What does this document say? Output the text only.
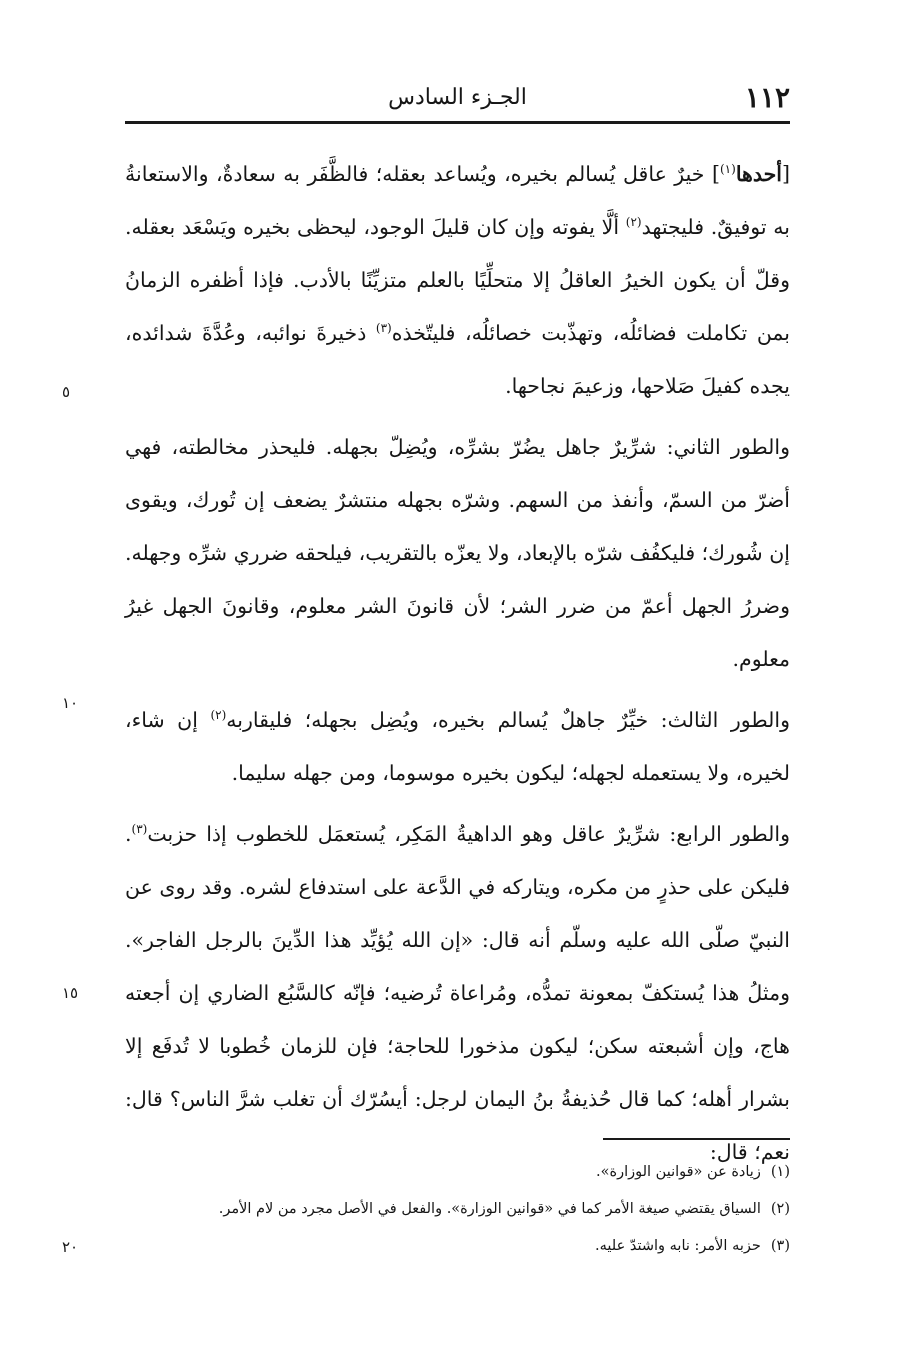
١١٢
الجـزء السادس

[أحدها$^{(١)}$] خيرٌ عاقل يُسالم بخيره، ويُساعد بعقله؛ فالظَّفَر به سعادةٌ، والاستعانةُ به توفيقٌ. فليجتهد$^{(٢)}$ ألَّا يفوته وإن كان قليلَ الوجود، ليحظى بخيره ويَسْعَد بعقله. وقلّ أن يكون الخيرُ العاقلُ إلا متحلِّيًا بالعلم متزيِّنًا بالأدب. فإذا أظفره الزمانُ بمن تكاملت فضائلُه، وتهذّبت خصائلُه، فليتّخذه$^{(٣)}$ ذخيرةَ نوائبه، وعُدَّةَ شدائده، يجده كفيلَ صَلاحها، وزعيمَ نجاحها.

والطور الثاني: شرِّيرٌ جاهل يضُرّ بشرِّه، ويُضِلّ بجهله. فليحذر مخالطته، فهي أضرّ من السمّ، وأنفذ من السهم. وشرّه بجهله منتشرٌ يضعف إن تُورك، ويقوى إن شُورك؛ فليكفُف شرّه بالإبعاد، ولا يعزّه بالتقريب، فيلحقه ضرري شرِّه وجهله. وضررُ الجهل أعمّ من ضرر الشر؛ لأن قانونَ الشر معلوم، وقانونَ الجهل غيرُ معلوم.

والطور الثالث: خيِّرٌ جاهلٌ يُسالم بخيره، ويُضِل بجهله؛ فليقاربه$^{(٢)}$ إن شاء، لخيره، ولا يستعمله لجهله؛ ليكون بخيره موسوما، ومن جهله سليما.

والطور الرابع: شرِّيرٌ عاقل وهو الداهيةُ المَكِر، يُستعمَل للخطوب إذا حزبت$^{(٣)}$. فليكن على حذرٍ من مكره، ويتاركه في الدَّعة على استدفاع لشره. وقد روى عن النبيّ صلّى الله عليه وسلّم أنه قال: «إن الله يُؤيِّد هذا الدِّينَ بالرجل الفاجر». ومثلُ هذا يُستكفّ بمعونة تمدُّه، ومُراعاة تُرضيه؛ فإنّه كالسَّبُع الضاري إن أجعته هاج، وإن أشبعته سكن؛ ليكون مذخورا للحاجة؛ فإن للزمان خُطوبا لا تُدفَع إلا بشرار أهله؛ كما قال حُذيفةُ بنُ اليمان لرجل: أيسُرّك أن تغلب شرَّ الناس؟ قال: نعم؛ قال:

٥
١٠
١٥
٢٠
(١)زيادة عن «قوانين الوزارة».
(٢)السياق يقتضي صيغة الأمر كما في «قوانين الوزارة». والفعل في الأصل مجرد من لام الأمر.
(٣)حزبه الأمر: نابه واشتدّ عليه.
